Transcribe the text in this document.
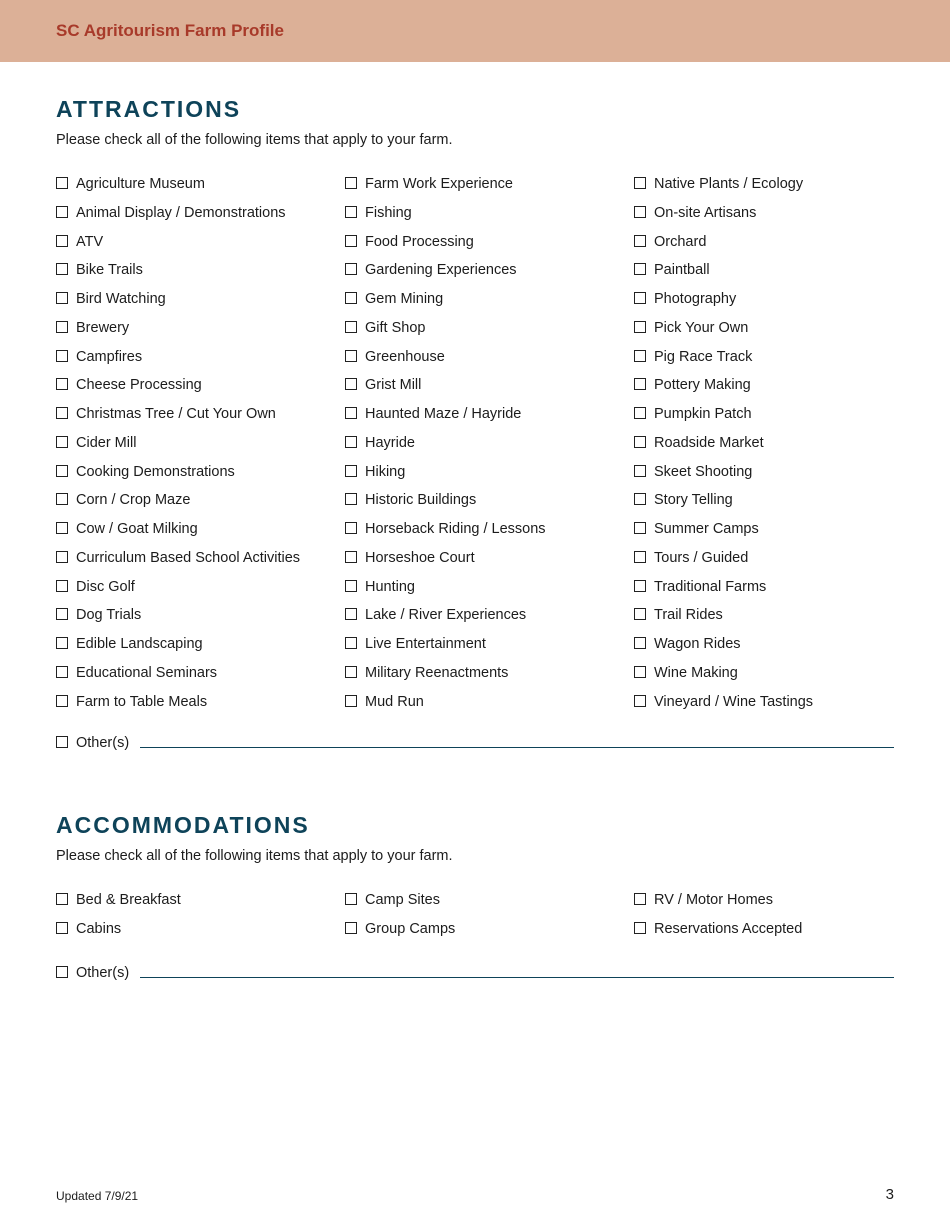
SC Agritourism Farm Profile
ATTRACTIONS
Please check all of the following items that apply to your farm.
Agriculture Museum
Animal Display / Demonstrations
ATV
Bike Trails
Bird Watching
Brewery
Campfires
Cheese Processing
Christmas Tree / Cut Your Own
Cider Mill
Cooking Demonstrations
Corn / Crop Maze
Cow / Goat Milking
Curriculum Based School Activities
Disc Golf
Dog Trials
Edible Landscaping
Educational Seminars
Farm to Table Meals
Farm Work Experience
Fishing
Food Processing
Gardening Experiences
Gem Mining
Gift Shop
Greenhouse
Grist Mill
Haunted Maze / Hayride
Hayride
Hiking
Historic Buildings
Horseback Riding / Lessons
Horseshoe Court
Hunting
Lake / River Experiences
Live Entertainment
Military Reenactments
Mud Run
Native Plants / Ecology
On-site Artisans
Orchard
Paintball
Photography
Pick Your Own
Pig Race Track
Pottery Making
Pumpkin Patch
Roadside Market
Skeet Shooting
Story Telling
Summer Camps
Tours / Guided
Traditional Farms
Trail Rides
Wagon Rides
Wine Making
Vineyard / Wine Tastings
Other(s)
ACCOMMODATIONS
Please check all of the following items that apply to your farm.
Bed & Breakfast
Cabins
Camp Sites
Group Camps
RV / Motor Homes
Reservations Accepted
Other(s)
Updated 7/9/21	3
